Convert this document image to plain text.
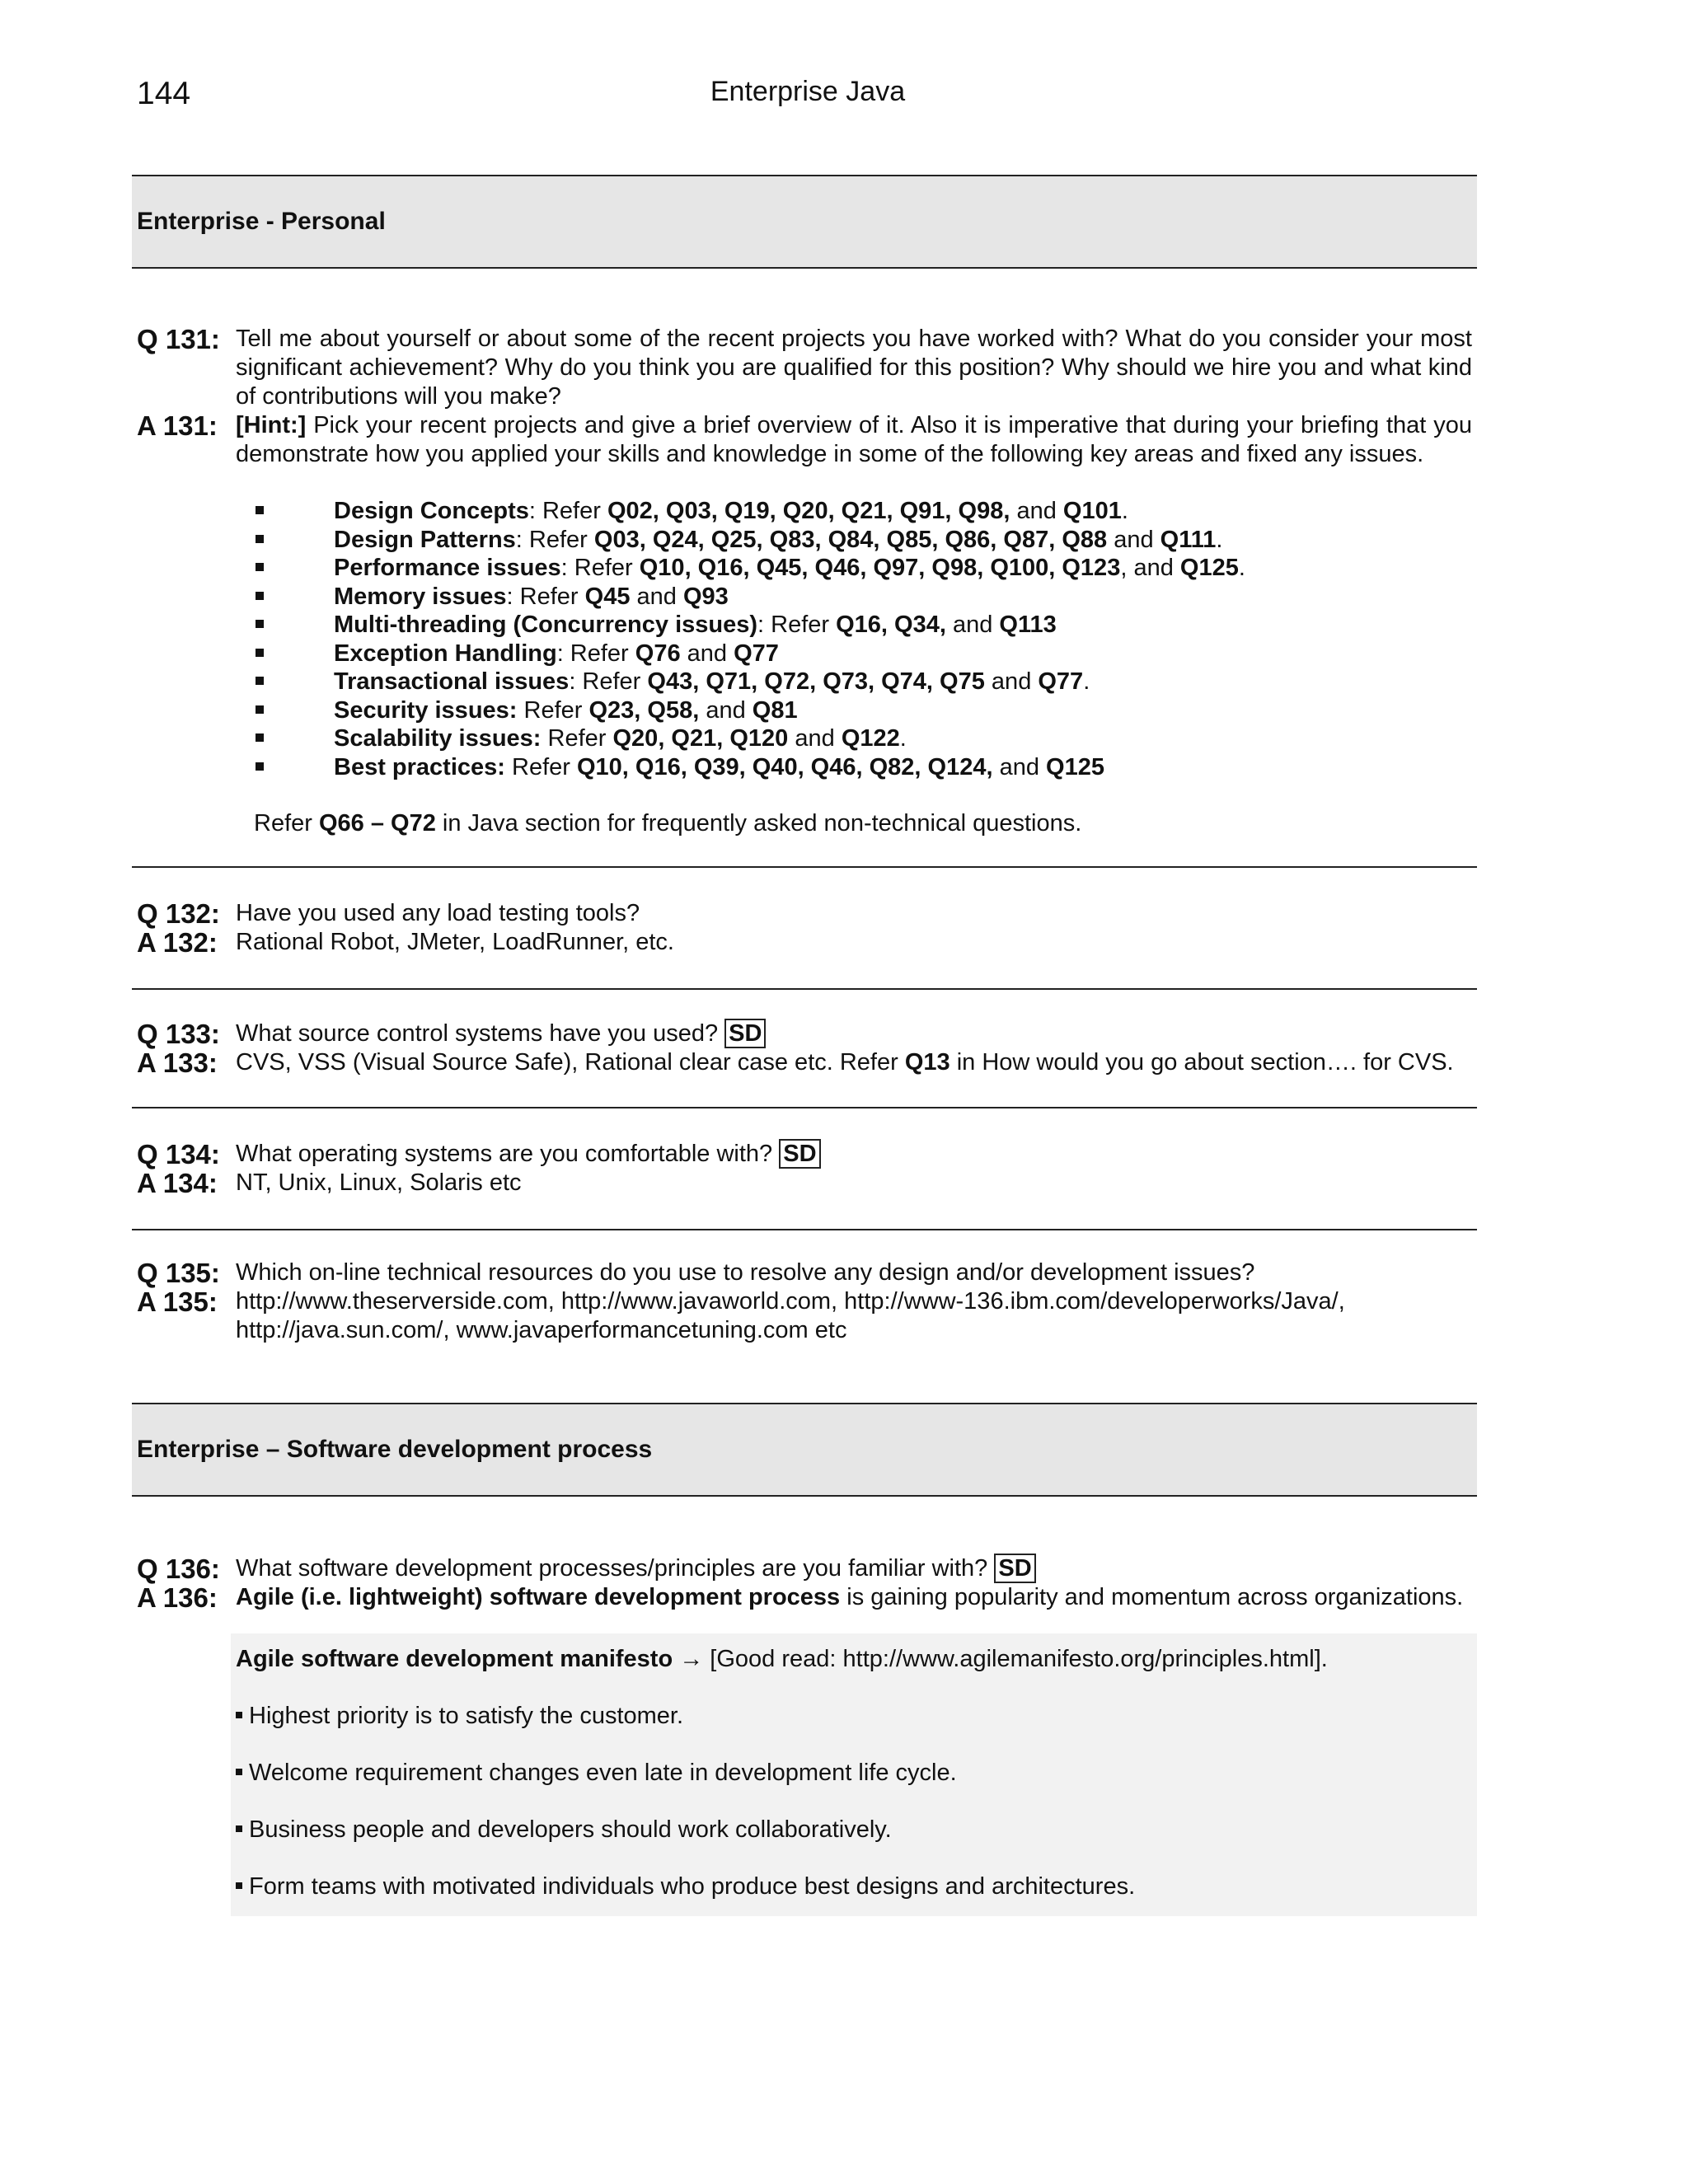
144	Enterprise Java
Enterprise - Personal
Q 131: Tell me about yourself or about some of the recent projects you have worked with? What do you consider your most significant achievement? Why do you think you are qualified for this position? Why should we hire you and what kind of contributions will you make?
A 131: [Hint:] Pick your recent projects and give a brief overview of it. Also it is imperative that during your briefing that you demonstrate how you applied your skills and knowledge in some of the following key areas and fixed any issues.
Design Concepts: Refer Q02, Q03, Q19, Q20, Q21, Q91, Q98, and Q101.
Design Patterns: Refer Q03, Q24, Q25, Q83, Q84, Q85, Q86, Q87, Q88 and Q111.
Performance issues: Refer Q10, Q16, Q45, Q46, Q97, Q98, Q100, Q123, and Q125.
Memory issues: Refer Q45 and Q93
Multi-threading (Concurrency issues): Refer Q16, Q34, and Q113
Exception Handling: Refer Q76 and Q77
Transactional issues: Refer Q43, Q71, Q72, Q73, Q74, Q75 and Q77.
Security issues: Refer Q23, Q58, and Q81
Scalability issues: Refer Q20, Q21, Q120 and Q122.
Best practices: Refer Q10, Q16, Q39, Q40, Q46, Q82, Q124, and Q125
Refer Q66 – Q72 in Java section for frequently asked non-technical questions.
Q 132: Have you used any load testing tools?
A 132: Rational Robot, JMeter, LoadRunner, etc.
Q 133: What source control systems have you used? SD
A 133: CVS, VSS (Visual Source Safe), Rational clear case etc. Refer Q13 in How would you go about section…. for CVS.
Q 134: What operating systems are you comfortable with? SD
A 134: NT, Unix, Linux, Solaris etc
Q 135: Which on-line technical resources do you use to resolve any design and/or development issues?
A 135: http://www.theserverside.com, http://www.javaworld.com, http://www-136.ibm.com/developerworks/Java/,
http://java.sun.com/, www.javaperformancetuning.com etc
Enterprise – Software development process
Q 136: What software development processes/principles are you familiar with? SD
A 136: Agile (i.e. lightweight) software development process is gaining popularity and momentum across organizations.
Agile software development manifesto → [Good read: http://www.agilemanifesto.org/principles.html].
Highest priority is to satisfy the customer.
Welcome requirement changes even late in development life cycle.
Business people and developers should work collaboratively.
Form teams with motivated individuals who produce best designs and architectures.
